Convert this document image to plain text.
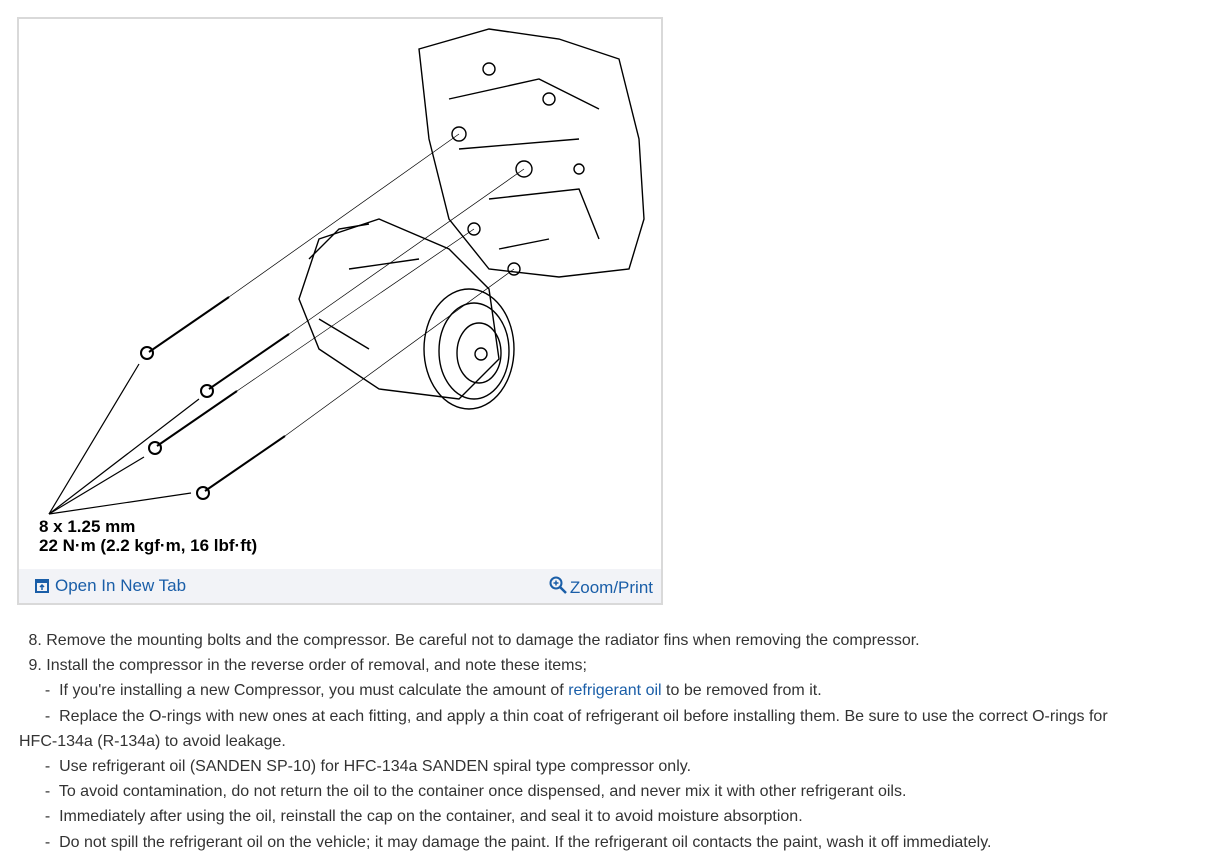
8 x 1.25 mm
22 N·m (2.2 kgf·m, 16 lbf·ft)
Open In New Tab	Zoom/Print

8. Remove the mounting bolts and the compressor. Be careful not to damage the radiator fins when removing the compressor.

9. Install the compressor in the reverse order of removal, and note these items;

-  If you're installing a new Compressor, you must calculate the amount of refrigerant oil to be removed from it.

-  Replace the O-rings with new ones at each fitting, and apply a thin coat of refrigerant oil before installing them. Be sure to use the correct O-rings for

HFC-134a (R-134a) to avoid leakage.

-  Use refrigerant oil (SANDEN SP-10) for HFC-134a SANDEN spiral type compressor only.

-  To avoid contamination, do not return the oil to the container once dispensed, and never mix it with other refrigerant oils.

-  Immediately after using the oil, reinstall the cap on the container, and seal it to avoid moisture absorption.

-  Do not spill the refrigerant oil on the vehicle; it may damage the paint. If the refrigerant oil contacts the paint, wash it off immediately.
